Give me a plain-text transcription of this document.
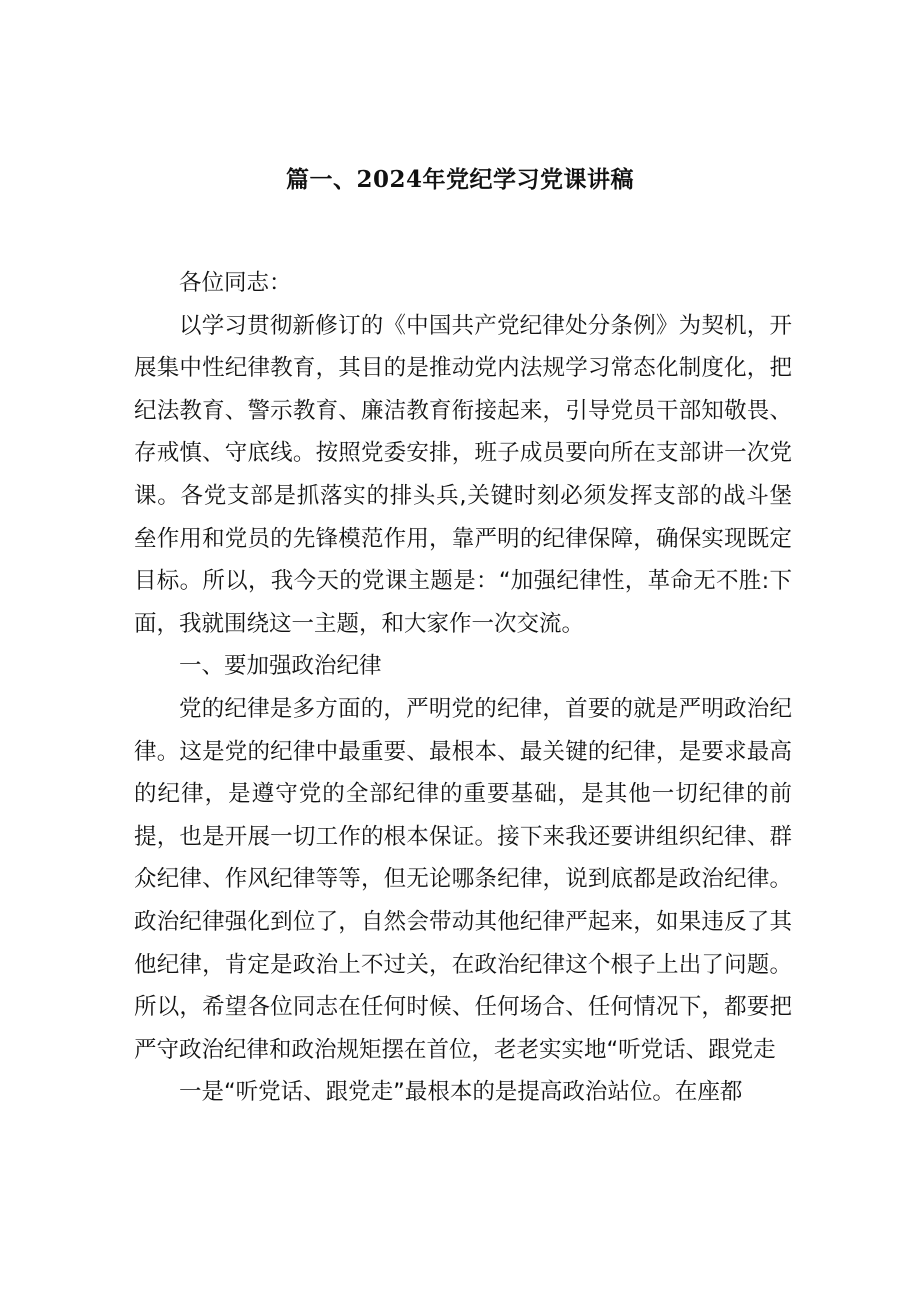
篇一、2024年党纪学习党课讲稿

各位同志：

以学习贯彻新修订的《中国共产党纪律处分条例》为契机，开展集中性纪律教育，其目的是推动党内法规学习常态化制度化，把纪法教育、警示教育、廉洁教育衔接起来，引导党员干部知敬畏、存戒慎、守底线。按照党委安排，班子成员要向所在支部讲一次党课。各党支部是抓落实的排头兵,关键时刻必须发挥支部的战斗堡垒作用和党员的先锋模范作用，靠严明的纪律保障，确保实现既定目标。所以，我今天的党课主题是：“加强纪律性，革命无不胜:下面，我就围绕这一主题，和大家作一次交流。

一、要加强政治纪律

党的纪律是多方面的，严明党的纪律，首要的就是严明政治纪律。这是党的纪律中最重要、最根本、最关键的纪律，是要求最高的纪律，是遵守党的全部纪律的重要基础，是其他一切纪律的前提，也是开展一切工作的根本保证。接下来我还要讲组织纪律、群众纪律、作风纪律等等，但无论哪条纪律，说到底都是政治纪律。政治纪律强化到位了，自然会带动其他纪律严起来，如果违反了其他纪律，肯定是政治上不过关，在政治纪律这个根子上出了问题。所以，希望各位同志在任何时候、任何场合、任何情况下，都要把严守政治纪律和政治规矩摆在首位，老老实实地“听党话、跟党走

一是“听党话、跟党走”最根本的是提高政治站位。在座都
